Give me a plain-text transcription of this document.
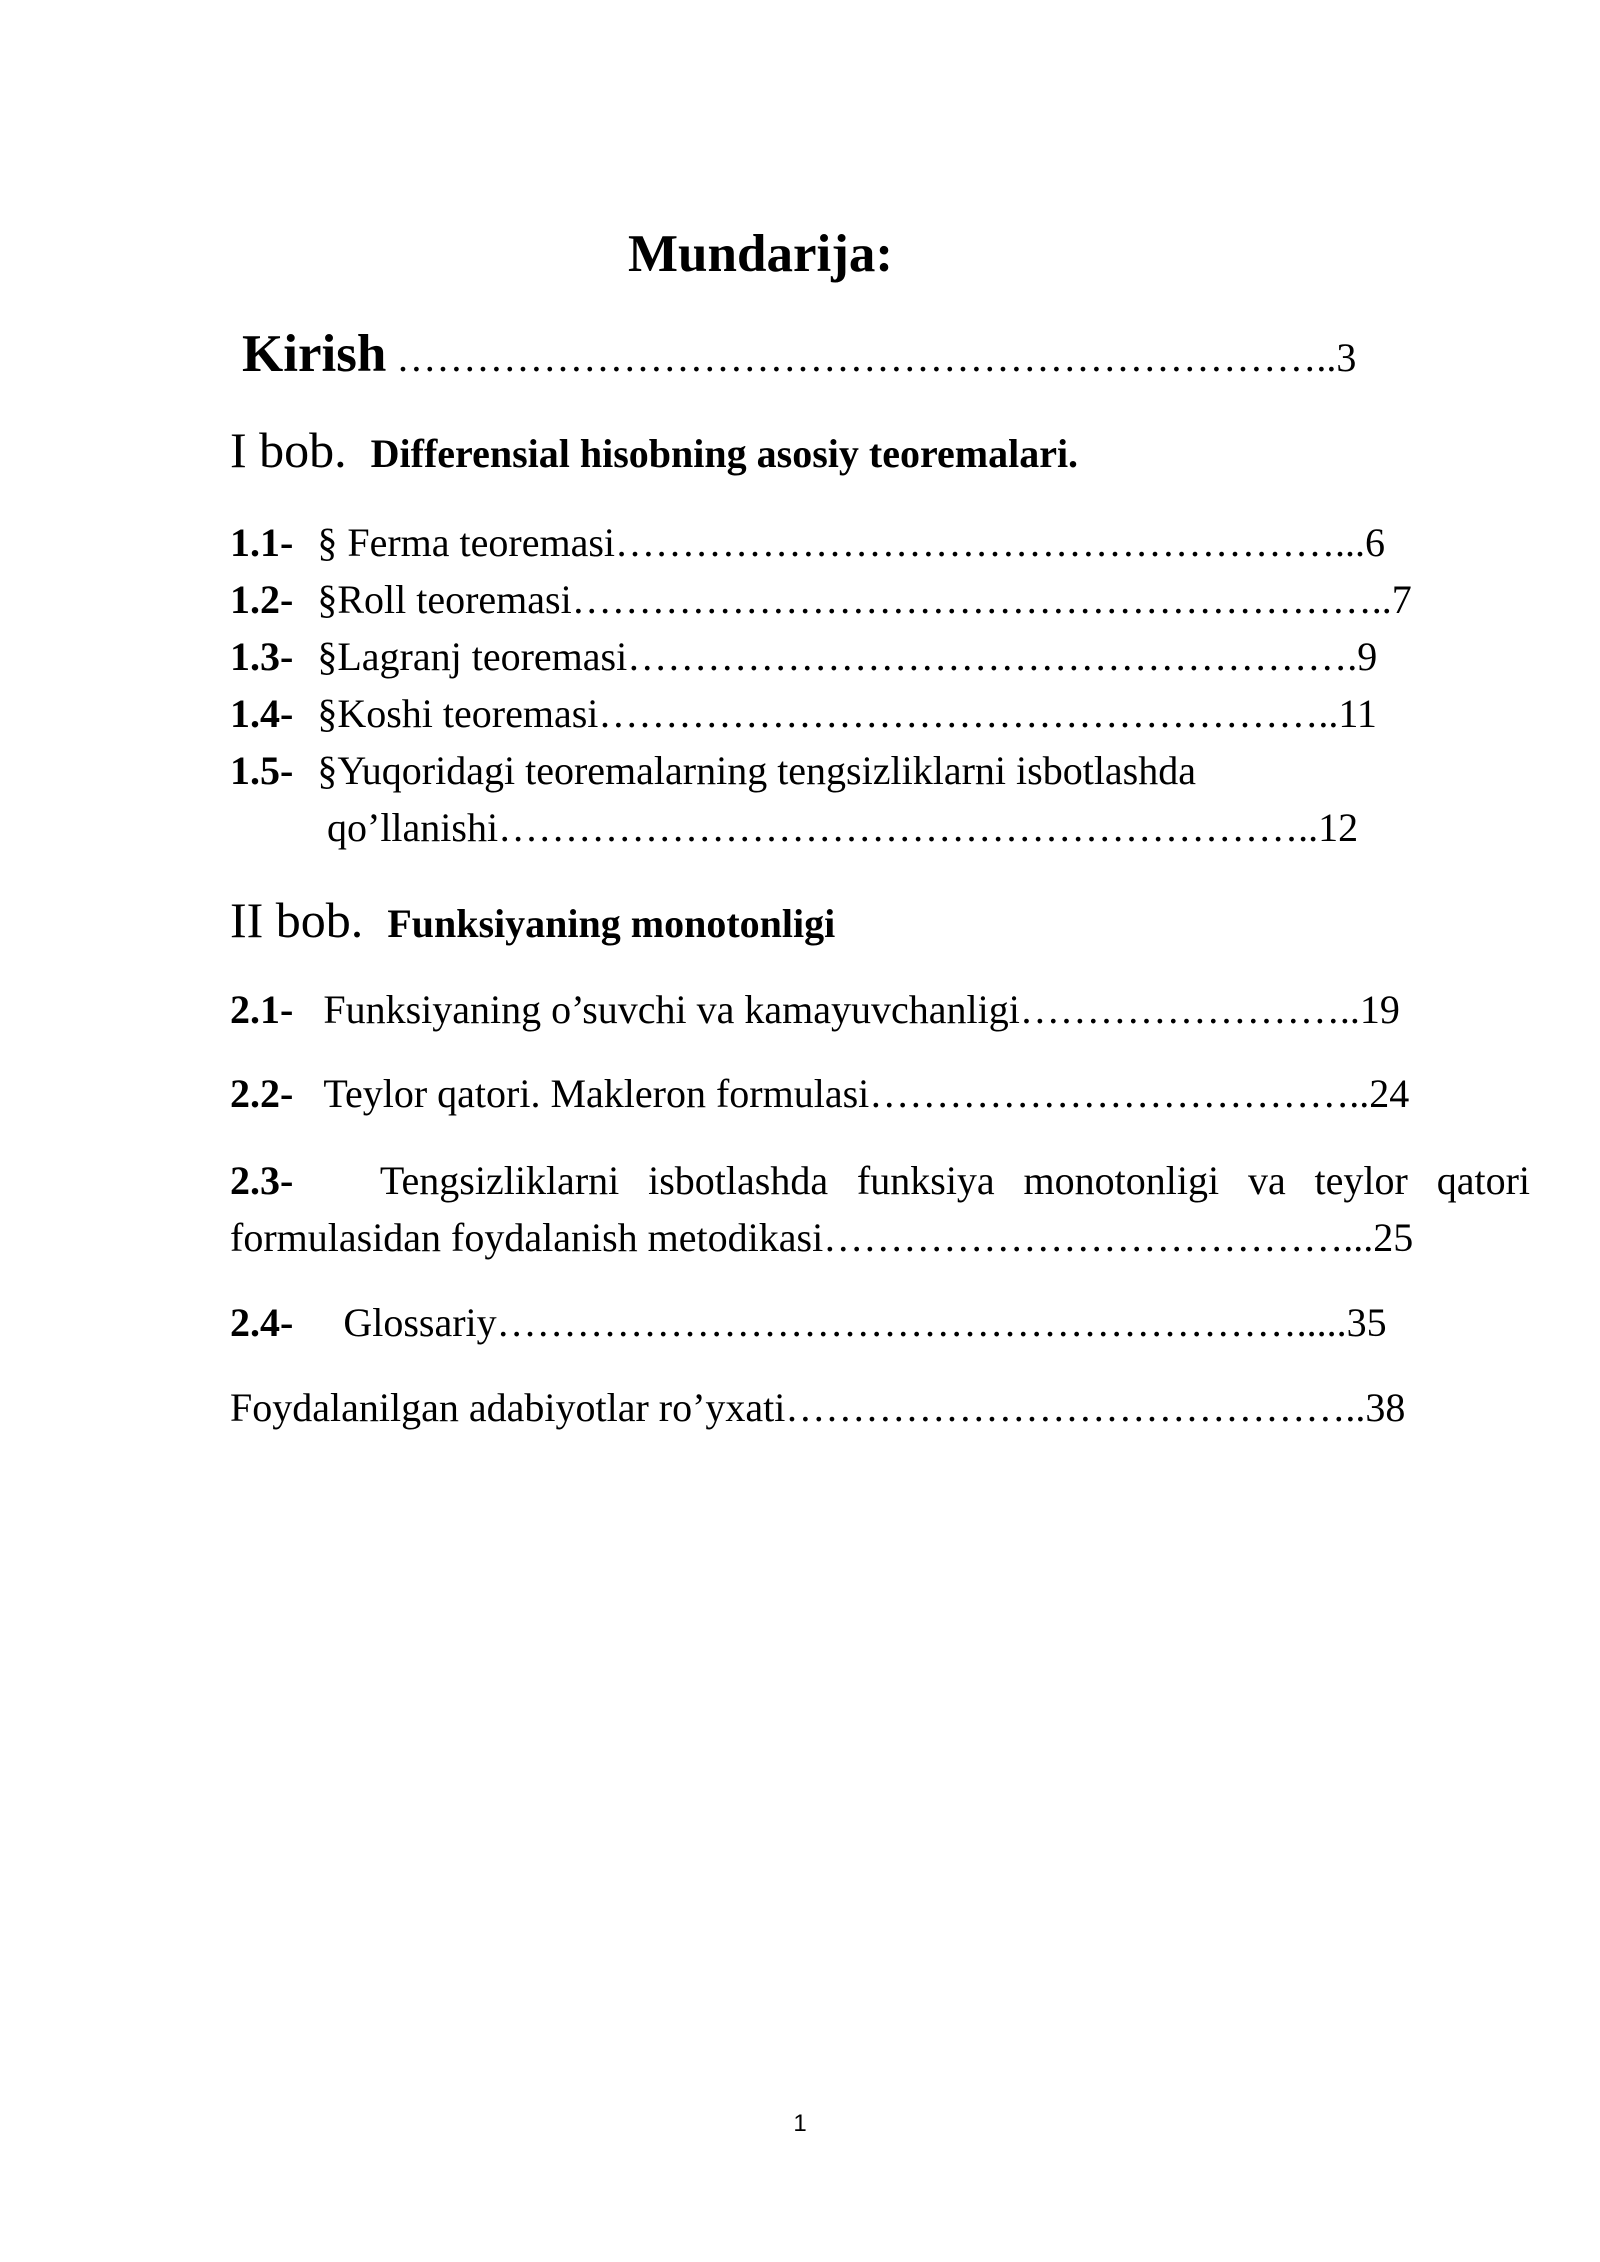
Mundarija:
Kirish ……………………………………………………………..3
I bob. Differensial hisobning asosiy teoremalari.
1.1- § Ferma teoremasi………………………………………………...6
1.2- §Roll teoremasi……………………………………………………..7
1.3- §Lagranj teoremasi……………………………………………….9
1.4- §Koshi teoremasi………………………………………………..11
1.5- §Yuqoridagi teoremalarning tengsizliklarni isbotlashda
qo’llanishi……………………………………………………..12
II bob. Funksiyaning monotonligi
2.1- Funksiyaning o’suvchi va kamayuvchanligi……………………..19
2.2- Teylor qatori. Makleron formulasi………………………………..24
2.3- Tengsizliklarni isbotlashda funksiya monotonligi va teylor qatori
formulasidan foydalanish metodikasi…………………………………...25
2.4- Glossariy…………………………………………………….....35
Foydalanilgan adabiyotlar ro’yxati……………………………………..38
1
